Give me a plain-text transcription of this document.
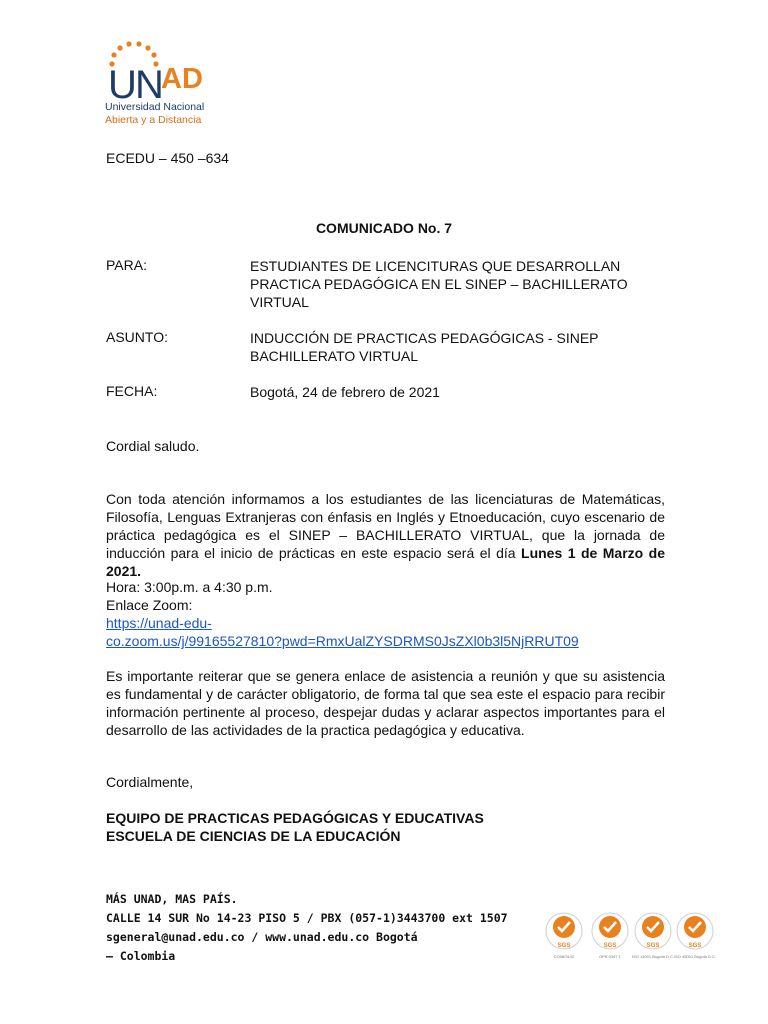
U
N
AD
Universidad Nacional
Abierta y a Distancia
ECEDU – 450 –634
COMUNICADO No. 7
PARA:	ESTUDIANTES DE LICENCITURAS QUE DESARROLLAN PRACTICA PEDAGÓGICA EN EL SINEP – BACHILLERATO VIRTUAL
ASUNTO:	INDUCCIÓN DE PRACTICAS PEDAGÓGICAS - SINEP BACHILLERATO VIRTUAL
FECHA:	Bogotá, 24 de febrero de 2021
Cordial saludo.
Con toda atención informamos a los estudiantes de las licenciaturas de Matemáticas, Filosofía, Lenguas Extranjeras con énfasis en Inglés y Etnoeducación, cuyo escenario de práctica pedagógica es el SINEP – BACHILLERATO VIRTUAL, que la jornada de inducción para el inicio de prácticas en este espacio será el día Lunes 1 de Marzo de 2021.
Hora: 3:00p.m. a 4:30 p.m.
Enlace Zoom:
https://unad-edu-
co.zoom.us/j/99165527810?pwd=RmxUalZYSDRMS0JsZXl0b3l5NjRRUT09
Es importante reiterar que se genera enlace de asistencia a reunión y que su asistencia es fundamental y de carácter obligatorio, de forma tal que sea este el espacio para recibir información pertinente al proceso, despejar dudas y aclarar aspectos importantes para el desarrollo de las actividades de la practica pedagógica y educativa.
Cordialmente,
EQUIPO DE PRACTICAS PEDAGÓGICAS Y EDUCATIVAS
ESCUELA DE CIENCIAS DE LA EDUCACIÓN
MÁS UNAD, MAS PAÍS.
CALLE 14 SUR No 14-23 PISO 5 / PBX (057-1)3443700 ext 1507
sgeneral@unad.edu.co / www.unad.edu.co Bogotá
– Colombia
SGS
CO08/3142
SGS
GPE 0347 1
SGS
ISO 14001 Bogotá D.C.
SGS
ISO 45001 Bogotá D.C.
